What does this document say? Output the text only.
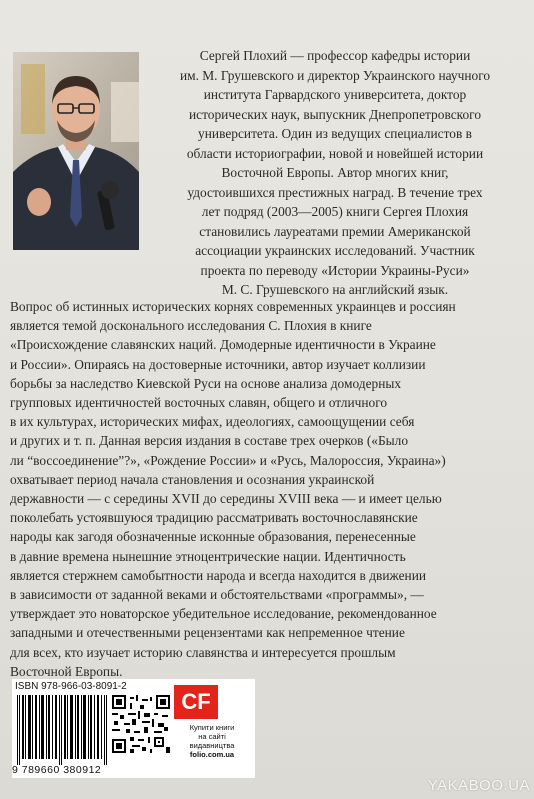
Сергей Плохий — профессор кафедры истории
им. М. Грушевского и директор Украинского научного
института Гарвардского университета, доктор
исторических наук, выпускник Днепропетровского
университета. Один из ведущих специалистов в
области историографии, новой и новейшей истории
Восточной Европы. Автор многих книг,
удостоившихся престижных наград. В течение трех
лет подряд (2003—2005) книги Сергея Плохия
становились лауреатами премии Американской
ассоциации украинских исследований. Участник
проекта по переводу «Истории Украины-Руси»
М. С. Грушевского на английский язык.

Вопрос об истинных исторических корнях современных украинцев и россиян
является темой досконального исследования С. Плохия в книге
«Происхождение славянских наций. Домодерные идентичности в Украине
и России». Опираясь на достоверные источники, автор изучает коллизии
борьбы за наследство Киевской Руси на основе анализа домодерных
групповых идентичностей восточных славян, общего и отличного
в их культурах, исторических мифах, идеологиях, самоощущении себя
и других и т. п. Данная версия издания в составе трех очерков («Было
ли “воссоединение”?», «Рождение России» и «Русь, Малороссия, Украина»)
охватывает период начала становления и осознания украинской
державности — с середины XVII до середины XVIII века — и имеет целью
поколебать устоявшуюся традицию рассматривать восточнославянские
народы как загодя обозначенные исконные образования, перенесенные
в давние времена нынешние этноцентрические нации. Идентичность
является стержнем самобытности народа и всегда находится в движении
в зависимости от заданной веками и обстоятельствами «программы», —
утверждает это новаторское убедительное исследование, рекомендованное
западными и отечественными рецензентами как непременное чтение
для всех, кто изучает историю славянства и интересуется прошлым
Восточной Европы.

ISBN 978-966-03-8091-2
9 789660 380912
CF
Купити книги
на сайті
видавництва
folio.com.ua
YAKABOO.UA
